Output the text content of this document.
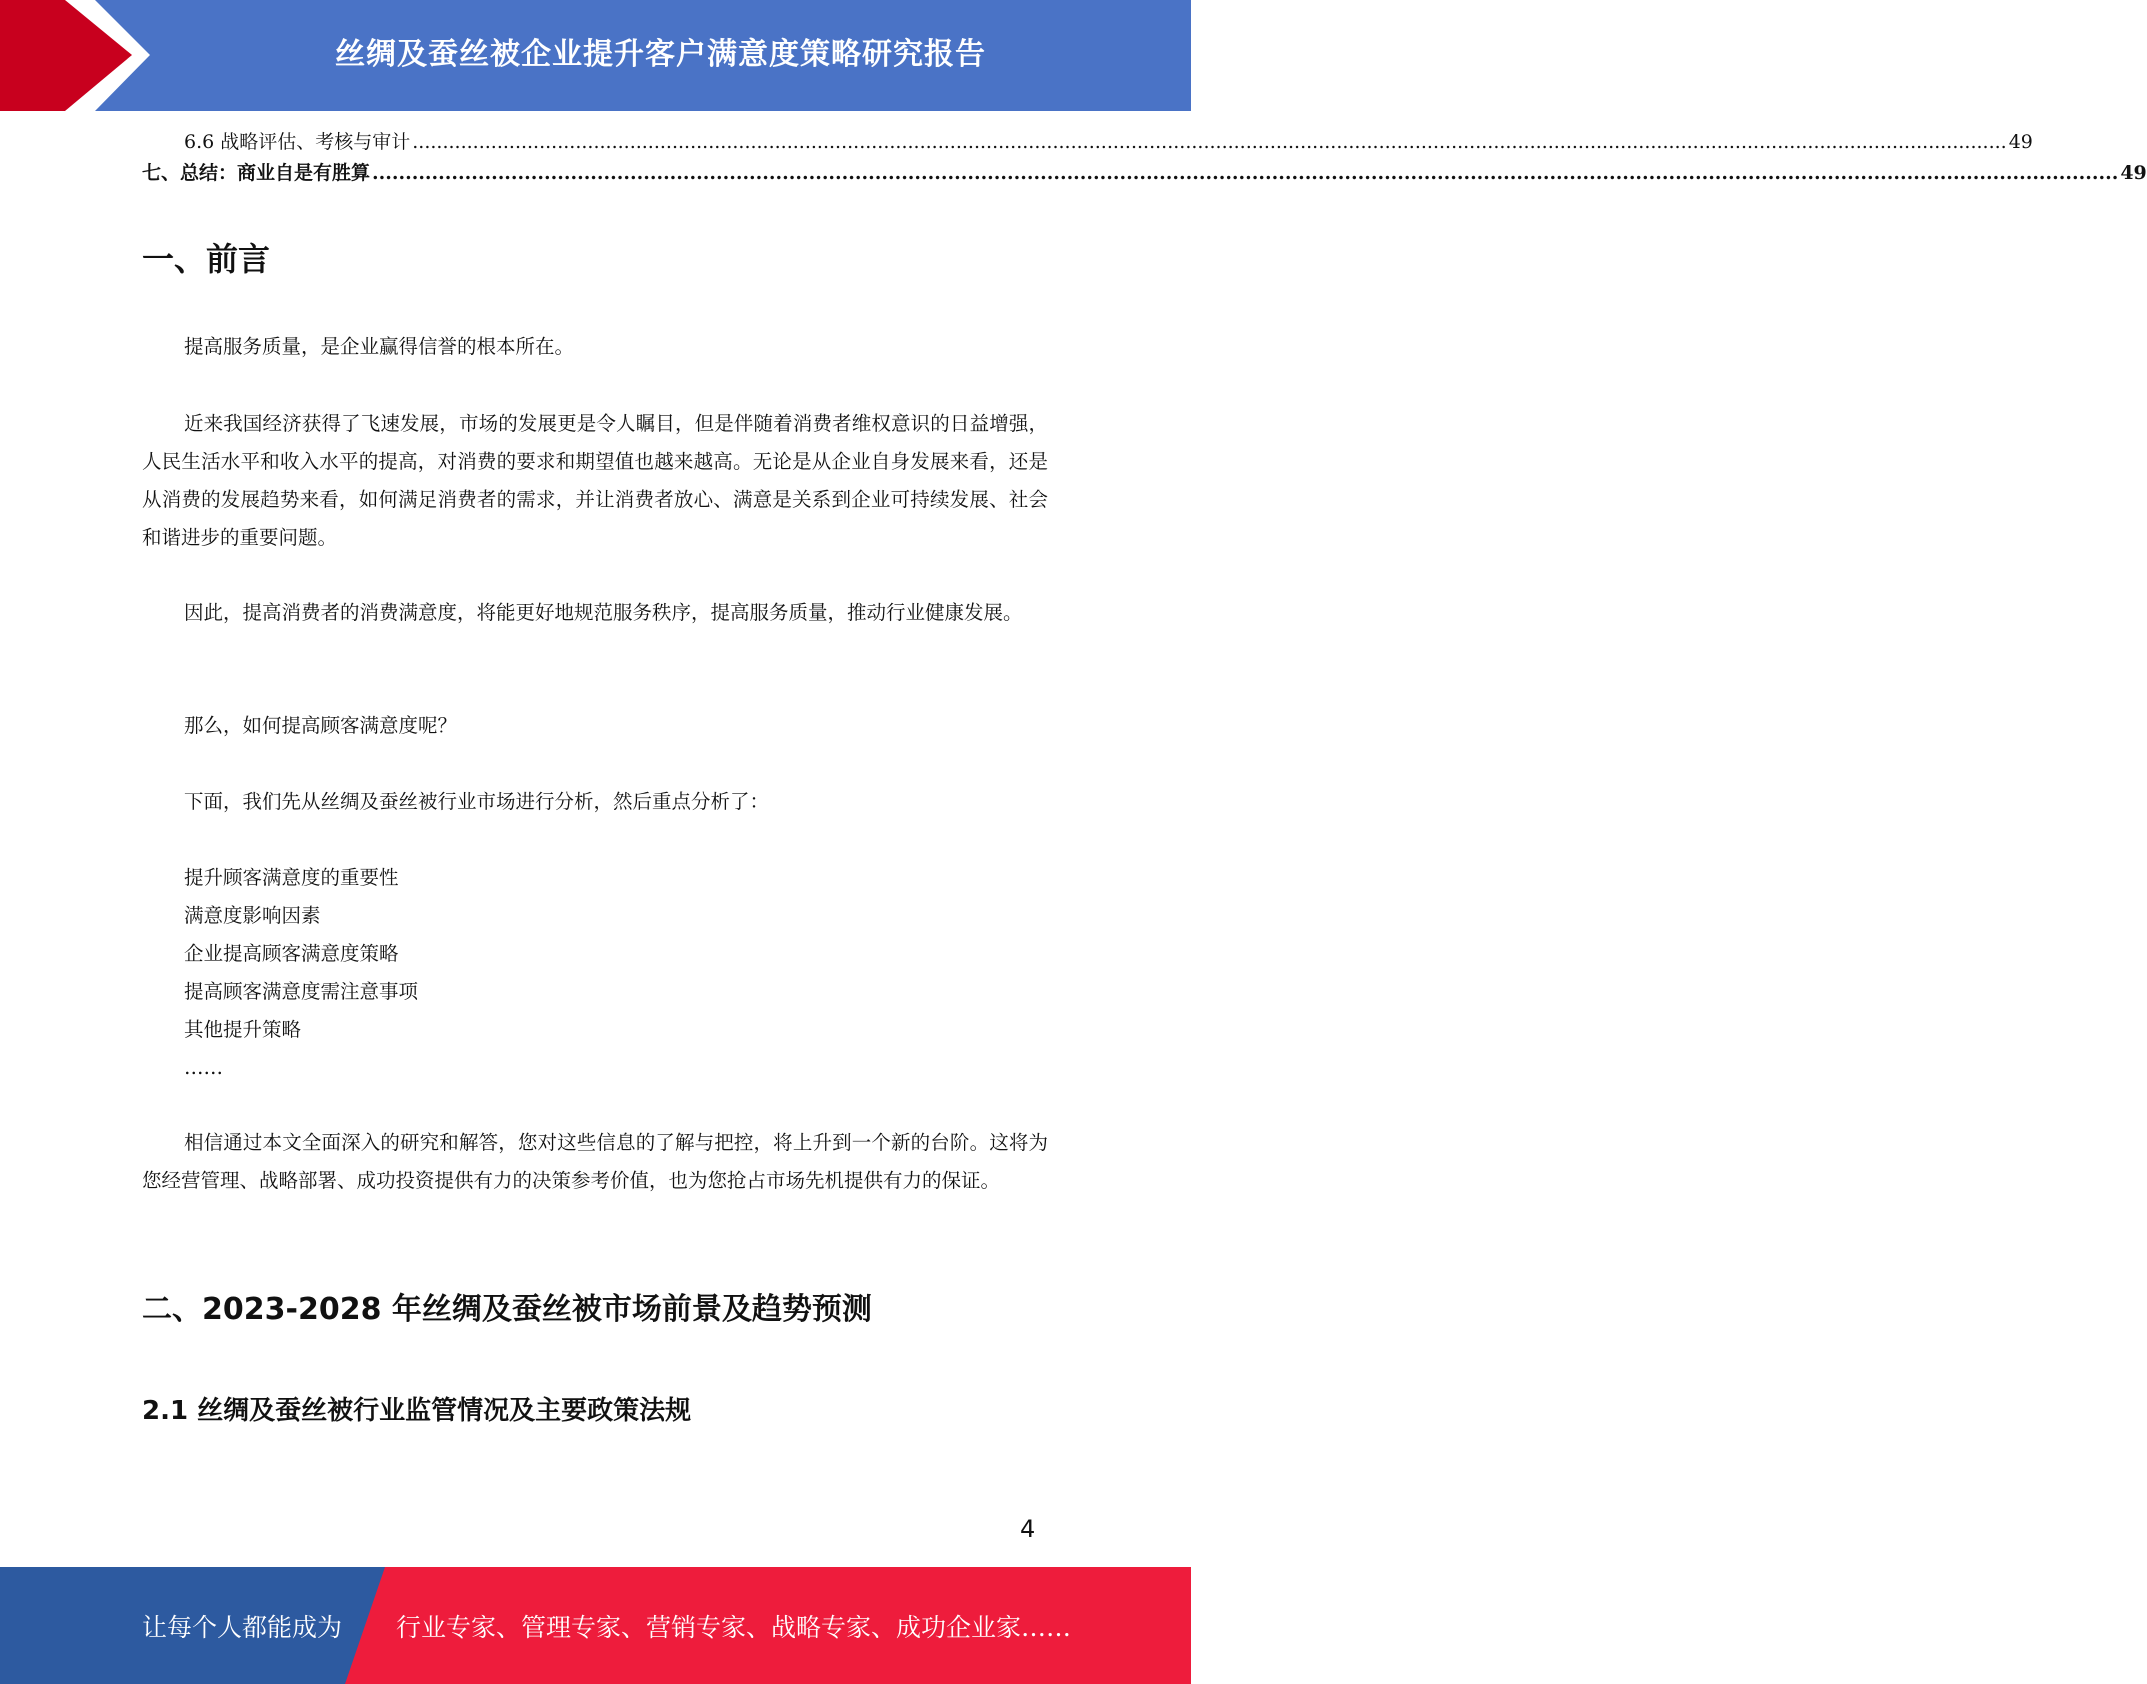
丝绸及蚕丝被企业提升客户满意度策略研究报告
6.6 战略评估、考核与审计 ........................................................................................................................................................................................................................................................................ 49
七、总结：商业自是有胜算 ........................................................................................................................................................................................................................................................................ 49
一、前言

提高服务质量，是企业赢得信誉的根本所在。

近来我国经济获得了飞速发展，市场的发展更是令人瞩目，但是伴随着消费者维权意识的日益增强，人民生活水平和收入水平的提高，对消费的要求和期望值也越来越高。无论是从企业自身发展来看，还是从消费的发展趋势来看，如何满足消费者的需求，并让消费者放心、满意是关系到企业可持续发展、社会和谐进步的重要问题。

因此，提高消费者的消费满意度，将能更好地规范服务秩序，提高服务质量，推动行业健康发展。

那么，如何提高顾客满意度呢？

下面，我们先从丝绸及蚕丝被行业市场进行分析，然后重点分析了：

提升顾客满意度的重要性
满意度影响因素
企业提高顾客满意度策略
提高顾客满意度需注意事项
其他提升策略
……

相信通过本文全面深入的研究和解答，您对这些信息的了解与把控，将上升到一个新的台阶。这将为您经营管理、战略部署、成功投资提供有力的决策参考价值，也为您抢占市场先机提供有力的保证。

二、2023-2028 年丝绸及蚕丝被市场前景及趋势预测
2.1 丝绸及蚕丝被行业监管情况及主要政策法规
4
让每个人都能成为 行业专家、管理专家、营销专家、战略专家、成功企业家……
